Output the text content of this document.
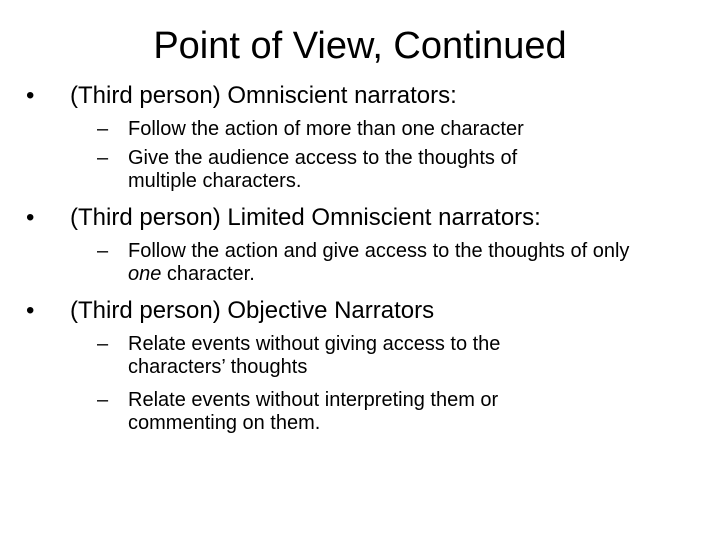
Point of View, Continued
• (Third person) Omniscient narrators:
– Follow the action of more than one character
– Give the audience access to the thoughts of multiple characters.
• (Third person) Limited Omniscient narrators:
– Follow the action and give access to the thoughts of only one character.
• (Third person) Objective Narrators
– Relate events without giving access to the characters’ thoughts
– Relate events without interpreting them or commenting on them.
